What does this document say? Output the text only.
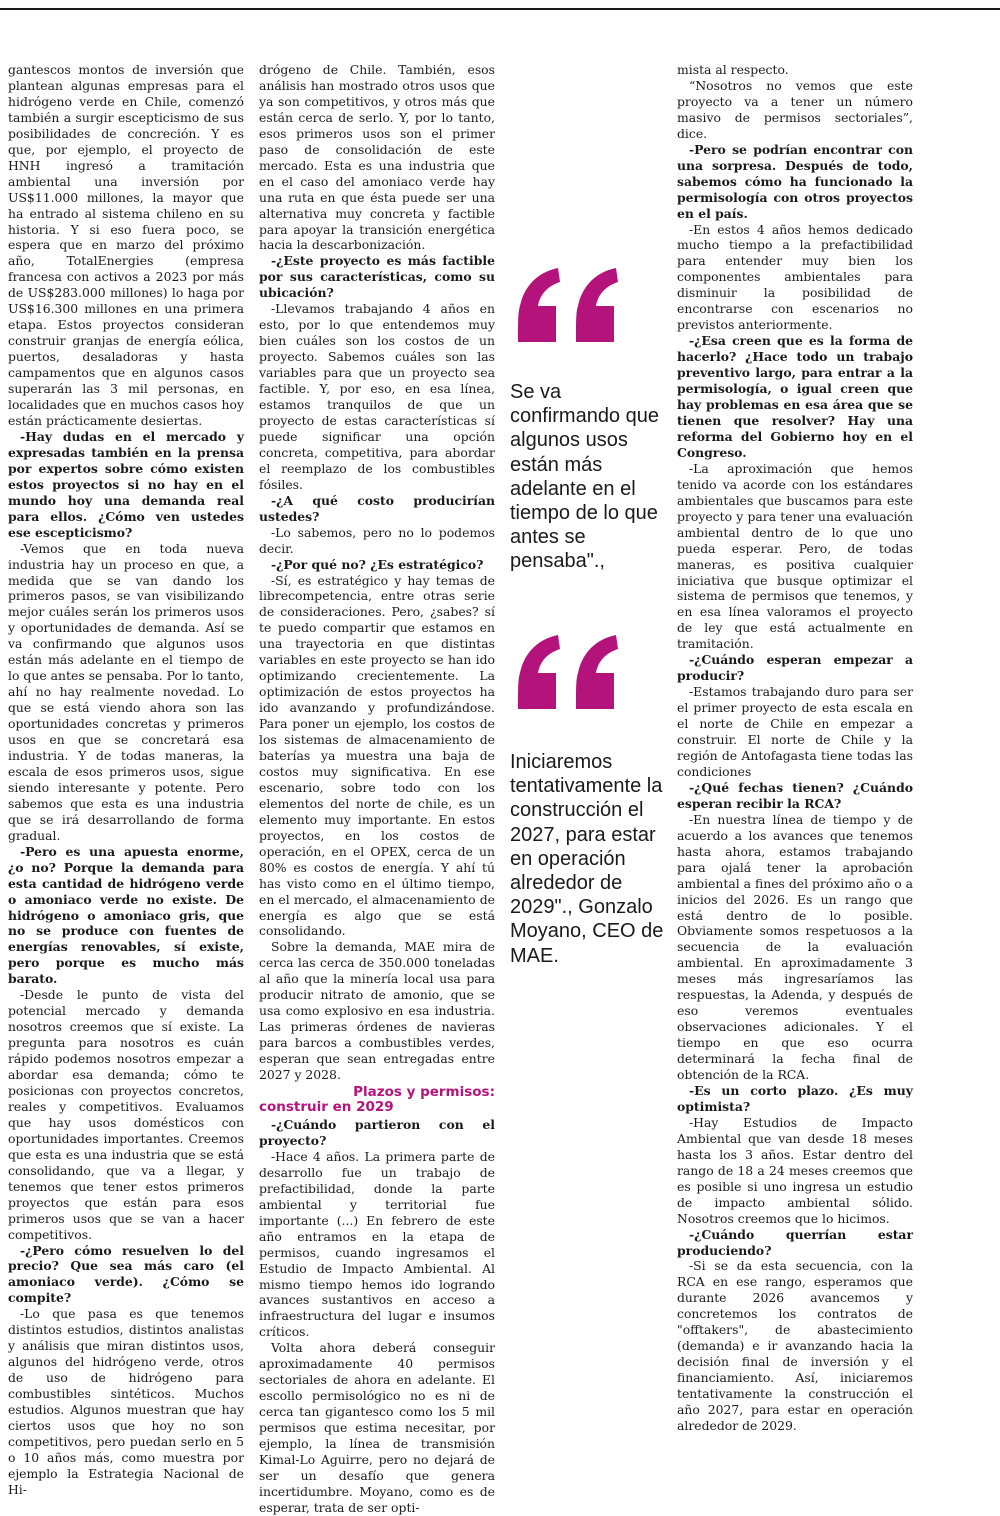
gantescos montos de inversión que plantean algunas empresas para el hidrógeno verde en Chile, comenzó también a surgir escepticismo de sus posibilidades de concreción. Y es que, por ejemplo, el proyecto de HNH ingresó a tramitación ambiental una inversión por US$11.000 millones, la mayor que ha entrado al sistema chileno en su historia. Y si eso fuera poco, se espera que en marzo del próximo año, TotalEnergies (empresa francesa con activos a 2023 por más de US$283.000 millones) lo haga por US$16.300 millones en una primera etapa. Estos proyectos consideran construir granjas de energía eólica, puertos, desaladoras y hasta campamentos que en algunos casos superarán las 3 mil personas, en localidades que en muchos casos hoy están prácticamente desiertas.

-Hay dudas en el mercado y expresadas también en la prensa por expertos sobre cómo existen estos proyectos si no hay en el mundo hoy una demanda real para ellos. ¿Cómo ven ustedes ese escepticismo?

-Vemos que en toda nueva industria hay un proceso en que, a medida que se van dando los primeros pasos, se van visibilizando mejor cuáles serán los primeros usos y oportunidades de demanda. Así se va confirmando que algunos usos están más adelante en el tiempo de lo que antes se pensaba. Por lo tanto, ahí no hay realmente novedad. Lo que se está viendo ahora son las oportunidades concretas y primeros usos en que se concretará esa industria. Y de todas maneras, la escala de esos primeros usos, sigue siendo interesante y potente. Pero sabemos que esta es una industria que se irá desarrollando de forma gradual.

-Pero es una apuesta enorme, ¿o no? Porque la demanda para esta cantidad de hidrógeno verde o amoniaco verde no existe. De hidrógeno o amoniaco gris, que no se produce con fuentes de energías renovables, sí existe, pero porque es mucho más barato.

-Desde le punto de vista del potencial mercado y demanda nosotros creemos que sí existe. La pregunta para nosotros es cuán rápido podemos nosotros empezar a abordar esa demanda; cómo te posicionas con proyectos concretos, reales y competitivos. Evaluamos que hay usos domésticos con oportunidades importantes. Creemos que esta es una industria que se está consolidando, que va a llegar, y tenemos que tener estos primeros proyectos que están para esos primeros usos que se van a hacer competitivos.

-¿Pero cómo resuelven lo del precio? Que sea más caro (el amoniaco verde). ¿Cómo se compite?

-Lo que pasa es que tenemos distintos estudios, distintos analistas y análisis que miran distintos usos, algunos del hidrógeno verde, otros de uso de hidrógeno para combustibles sintéticos. Muchos estudios. Algunos muestran que hay ciertos usos que hoy no son competitivos, pero puedan serlo en 5 o 10 años más, como muestra por ejemplo la Estrategia Nacional de Hi-

drógeno de Chile. También, esos análisis han mostrado otros usos que ya son competitivos, y otros más que están cerca de serlo. Y, por lo tanto, esos primeros usos son el primer paso de consolidación de este mercado. Esta es una industria que en el caso del amoniaco verde hay una ruta en que ésta puede ser una alternativa muy concreta y factible para apoyar la transición energética hacia la descarbonización.

-¿Este proyecto es más factible por sus características, como su ubicación?

-Llevamos trabajando 4 años en esto, por lo que entendemos muy bien cuáles son los costos de un proyecto. Sabemos cuáles son las variables para que un proyecto sea factible. Y, por eso, en esa línea, estamos tranquilos de que un proyecto de estas características sí puede significar una opción concreta, competitiva, para abordar el reemplazo de los combustibles fósiles.

-¿A qué costo producirían ustedes?

-Lo sabemos, pero no lo podemos decir.

-¿Por qué no? ¿Es estratégico?

-Sí, es estratégico y hay temas de librecompetencia, entre otras serie de consideraciones. Pero, ¿sabes? sí te puedo compartir que estamos en una trayectoria en que distintas variables en este proyecto se han ido optimizando crecientemente. La optimización de estos proyectos ha ido avanzando y profundizándose. Para poner un ejemplo, los costos de los sistemas de almacenamiento de baterías ya muestra una baja de costos muy significativa. En ese escenario, sobre todo con los elementos del norte de chile, es un elemento muy importante. En estos proyectos, en los costos de operación, en el OPEX, cerca de un 80% es costos de energía. Y ahí tú has visto como en el último tiempo, en el mercado, el almacenamiento de energía es algo que se está consolidando.

Sobre la demanda, MAE mira de cerca las cerca de 350.000 toneladas al año que la minería local usa para producir nitrato de amonio, que se usa como explosivo en esa industria. Las primeras órdenes de navieras para barcos a combustibles verdes, esperan que sean entregadas entre 2027 y 2028.

Plazos y permisos:
construir en 2029

-¿Cuándo partieron con el proyecto?

-Hace 4 años. La primera parte de desarrollo fue un trabajo de prefactibilidad, donde la parte ambiental y territorial fue importante (...) En febrero de este año entramos en la etapa de permisos, cuando ingresamos el Estudio de Impacto Ambiental. Al mismo tiempo hemos ido logrando avances sustantivos en acceso a infraestructura del lugar e insumos críticos.

Volta ahora deberá conseguir aproximadamente 40 permisos sectoriales de ahora en adelante. El escollo permisológico no es ni de cerca tan gigantesco como los 5 mil permisos que estima necesitar, por ejemplo, la línea de transmisión Kimal-Lo Aguirre, pero no dejará de ser un desafío que genera incertidumbre. Moyano, como es de esperar, trata de ser opti-

Se va confirmando que algunos usos están más adelante en el tiempo de lo que antes se pensaba".,
Iniciaremos tentativamente la construcción el 2027, para estar en operación alrededor de 2029"., Gonzalo Moyano, CEO de MAE.

mista al respecto.

“Nosotros no vemos que este proyecto va a tener un número masivo de permisos sectoriales”, dice.

-Pero se podrían encontrar con una sorpresa. Después de todo, sabemos cómo ha funcionado la permisología con otros proyectos en el país.

-En estos 4 años hemos dedicado mucho tiempo a la prefactibilidad para entender muy bien los componentes ambientales para disminuir la posibilidad de encontrarse con escenarios no previstos anteriormente.

-¿Esa creen que es la forma de hacerlo? ¿Hace todo un trabajo preventivo largo, para entrar a la permisología, o igual creen que hay problemas en esa área que se tienen que resolver? Hay una reforma del Gobierno hoy en el Congreso.

-La aproximación que hemos tenido va acorde con los estándares ambientales que buscamos para este proyecto y para tener una evaluación ambiental dentro de lo que uno pueda esperar. Pero, de todas maneras, es positiva cualquier iniciativa que busque optimizar el sistema de permisos que tenemos, y en esa línea valoramos el proyecto de ley que está actualmente en tramitación.

-¿Cuándo esperan empezar a producir?

-Estamos trabajando duro para ser el primer proyecto de esta escala en el norte de Chile en empezar a construir. El norte de Chile y la región de Antofagasta tiene todas las condiciones

-¿Qué fechas tienen? ¿Cuándo esperan recibir la RCA?

-En nuestra línea de tiempo y de acuerdo a los avances que tenemos hasta ahora, estamos trabajando para ojalá tener la aprobación ambiental a fines del próximo año o a inicios del 2026. Es un rango que está dentro de lo posible. Obviamente somos respetuosos a la secuencia de la evaluación ambiental. En aproximadamente 3 meses más ingresaríamos las respuestas, la Adenda, y después de eso veremos eventuales observaciones adicionales. Y el tiempo en que eso ocurra determinará la fecha final de obtención de la RCA.

-Es un corto plazo. ¿Es muy optimista?

-Hay Estudios de Impacto Ambiental que van desde 18 meses hasta los 3 años. Estar dentro del rango de 18 a 24 meses creemos que es posible si uno ingresa un estudio de impacto ambiental sólido. Nosotros creemos que lo hicimos.

-¿Cuándo querrían estar produciendo?

-Si se da esta secuencia, con la RCA en ese rango, esperamos que durante 2026 avancemos y concretemos los contratos de "offtakers", de abastecimiento (demanda) e ir avanzando hacia la decisión final de inversión y el financiamiento. Así, iniciaremos tentativamente la construcción el año 2027, para estar en operación alrededor de 2029.
